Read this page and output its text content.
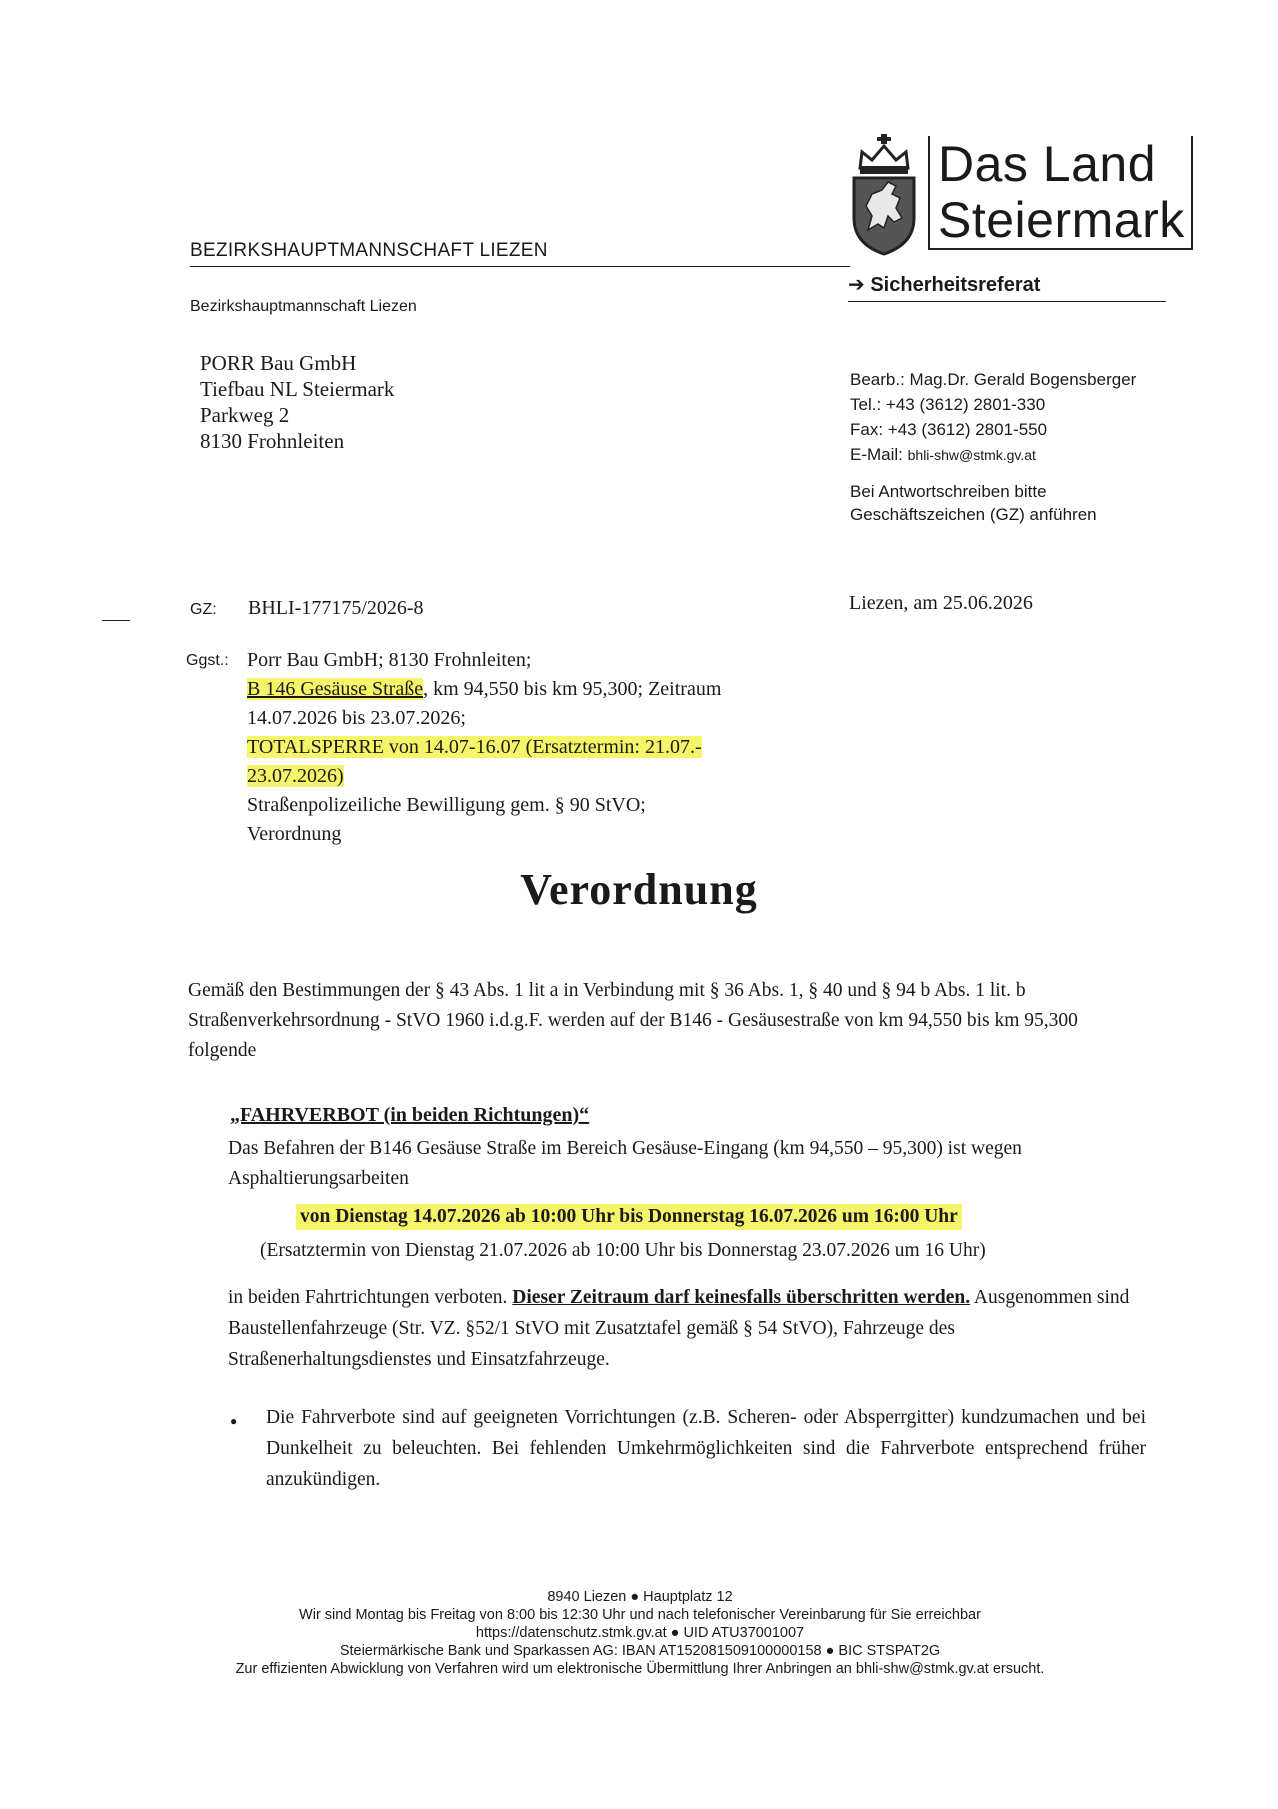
BEZIRKSHAUPTMANNSCHAFT LIEZEN
Das Land
Steiermark
➔ Sicherheitsreferat
Bezirkshauptmannschaft Liezen
PORR Bau GmbH
Tiefbau NL Steiermark
Parkweg 2
8130 Frohnleiten
Bearb.: Mag.Dr. Gerald Bogensberger
Tel.: +43 (3612) 2801-330
Fax: +43 (3612) 2801-550
E-Mail: bhli-shw@stmk.gv.at
Bei Antwortschreiben bitte
Geschäftszeichen (GZ) anführen
GZ: BHLI-177175/2026-8	Liezen, am 25.06.2026
Ggst.: Porr Bau GmbH; 8130 Frohnleiten;
B 146 Gesäuse Straße, km 94,550 bis km 95,300; Zeitraum
14.07.2026 bis 23.07.2026;
TOTALSPERRE von 14.07-16.07 (Ersatztermin: 21.07.-
23.07.2026)
Straßenpolizeiliche Bewilligung gem. § 90 StVO;
Verordnung
Verordnung
Gemäß den Bestimmungen der § 43 Abs. 1 lit a in Verbindung mit § 36 Abs. 1, § 40 und § 94 b Abs. 1 lit. b Straßenverkehrsordnung - StVO 1960 i.d.g.F. werden auf der B146 - Gesäusestraße von km 94,550 bis km 95,300 folgende
„FAHRVERBOT (in beiden Richtungen)“
Das Befahren der B146 Gesäuse Straße im Bereich Gesäuse-Eingang (km 94,550 – 95,300) ist wegen Asphaltierungsarbeiten
von Dienstag 14.07.2026 ab 10:00 Uhr bis Donnerstag 16.07.2026 um 16:00 Uhr
(Ersatztermin von Dienstag 21.07.2026 ab 10:00 Uhr bis Donnerstag 23.07.2026 um 16 Uhr)
in beiden Fahrtrichtungen verboten. Dieser Zeitraum darf keinesfalls überschritten werden. Ausgenommen sind Baustellenfahrzeuge (Str. VZ. §52/1 StVO mit Zusatztafel gemäß § 54 StVO), Fahrzeuge des Straßenerhaltungsdienstes und Einsatzfahrzeuge.
● Die Fahrverbote sind auf geeigneten Vorrichtungen (z.B. Scheren- oder Absperrgitter) kundzumachen und bei Dunkelheit zu beleuchten. Bei fehlenden Umkehrmöglichkeiten sind die Fahrverbote entsprechend früher anzukündigen.
8940 Liezen ● Hauptplatz 12
Wir sind Montag bis Freitag von 8:00 bis 12:30 Uhr und nach telefonischer Vereinbarung für Sie erreichbar
https://datenschutz.stmk.gv.at ● UID ATU37001007
Steiermärkische Bank und Sparkassen AG: IBAN AT152081509100000158 ● BIC STSPAT2G
Zur effizienten Abwicklung von Verfahren wird um elektronische Übermittlung Ihrer Anbringen an bhli-shw@stmk.gv.at ersucht.
